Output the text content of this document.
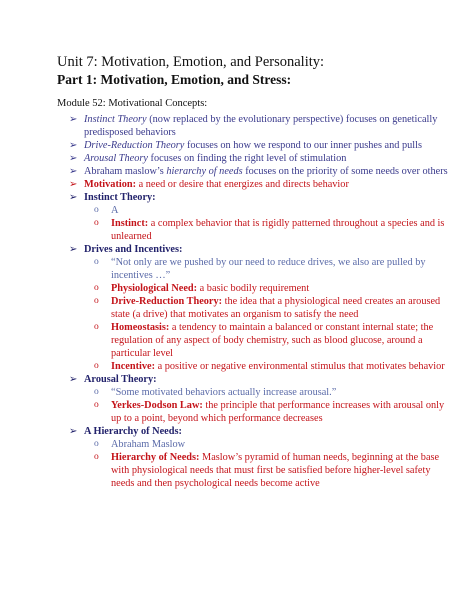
Unit 7: Motivation, Emotion, and Personality:
Part 1: Motivation, Emotion, and Stress:
Module 52: Motivational Concepts:
➢ Instinct Theory (now replaced by the evolutionary perspective) focuses on genetically
predisposed behaviors
➢ Drive-Reduction Theory focuses on how we respond to our inner pushes and pulls
➢ Arousal Theory focuses on finding the right level of stimulation
➢ Abraham maslow’s hierarchy of needs focuses on the priority of some needs over others
➢ Motivation: a need or desire that energizes and directs behavior
➢ Instinct Theory:
o A
o Instinct: a complex behavior that is rigidly patterned throughout a species and is
unlearned
➢ Drives and Incentives:
o “Not only are we pushed by our need to reduce drives, we also are pulled by
incentives …”
o Physiological Need: a basic bodily requirement
o Drive-Reduction Theory: the idea that a physiological need creates an aroused
state (a drive) that motivates an organism to satisfy the need
o Homeostasis: a tendency to maintain a balanced or constant internal state; the
regulation of any aspect of body chemistry, such as blood glucose, around a
particular level
o Incentive: a positive or negative environmental stimulus that motivates behavior
➢ Arousal Theory:
o “Some motivated behaviors actually increase arousal.”
o Yerkes-Dodson Law: the principle that performance increases with arousal only
up to a point, beyond which performance decreases
➢ A Hierarchy of Needs:
o Abraham Maslow
o Hierarchy of Needs: Maslow’s pyramid of human needs, beginning at the base
with physiological needs that must first be satisfied before higher-level safety
needs and then psychological needs become active
